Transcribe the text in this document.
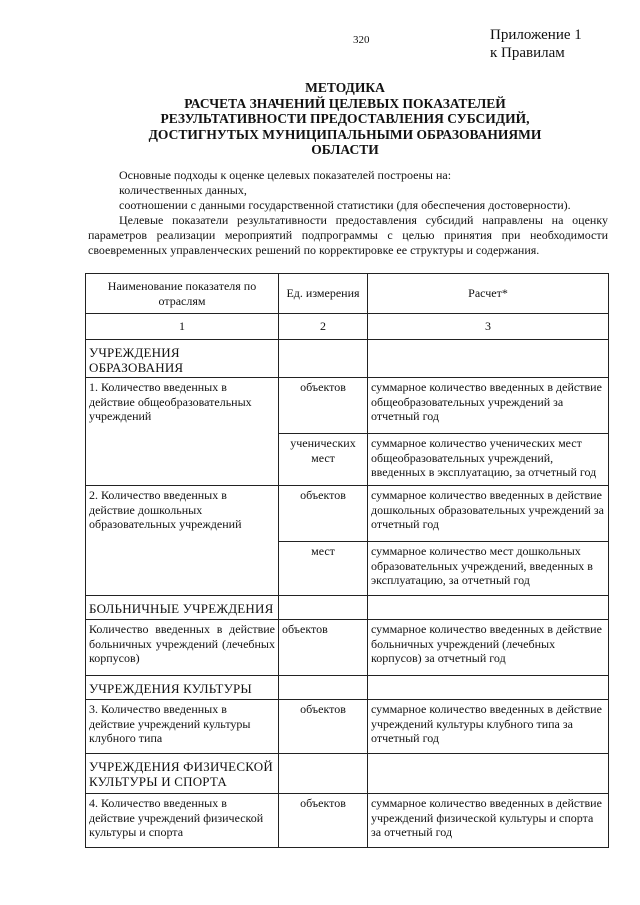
320	Приложение 1
к Правилам
МЕТОДИКА
РАСЧЕТА ЗНАЧЕНИЙ ЦЕЛЕВЫХ ПОКАЗАТЕЛЕЙ
РЕЗУЛЬТАТИВНОСТИ ПРЕДОСТАВЛЕНИЯ СУБСИДИЙ,
ДОСТИГНУТЫХ МУНИЦИПАЛЬНЫМИ ОБРАЗОВАНИЯМИ
ОБЛАСТИ
Основные подходы к оценке целевых показателей построены на:
количественных данных,
соотношении с данными государственной статистики (для обеспечения достоверности).
Целевые показатели результативности предоставления субсидий направлены на оценку параметров реализации мероприятий подпрограммы с целью принятия при необходимости своевременных управленческих решений по корректировке ее структуры и содержания.
Наименование показателя по отраслям	Ед. измерения	Расчет*
1	2	3
УЧРЕЖДЕНИЯ ОБРАЗОВАНИЯ		
1. Количество введенных в действие общеобразовательных учреждений	объектов	суммарное количество введенных в действие общеобразовательных учреждений за отчетный год
	ученических мест	суммарное количество ученических мест общеобразовательных учреждений, введенных в эксплуатацию, за отчетный год
2. Количество введенных в действие дошкольных образовательных учреждений	объектов	суммарное количество введенных в действие дошкольных образовательных учреждений за отчетный год
	мест	суммарное количество мест дошкольных образовательных учреждений, введенных в эксплуатацию, за отчетный год
БОЛЬНИЧНЫЕ УЧРЕЖДЕНИЯ		
Количество введенных в действие больничных учреждений (лечебных корпусов)	объектов	суммарное количество введенных в действие больничных учреждений (лечебных корпусов) за отчетный год
УЧРЕЖДЕНИЯ КУЛЬТУРЫ		
3. Количество введенных в действие учреждений культуры клубного типа	объектов	суммарное количество введенных в действие учреждений культуры клубного типа за отчетный год
УЧРЕЖДЕНИЯ ФИЗИЧЕСКОЙ КУЛЬТУРЫ И СПОРТА		
4. Количество введенных в действие учреждений физической культуры и спорта	объектов	суммарное количество введенных в действие учреждений физической культуры и спорта за отчетный год
